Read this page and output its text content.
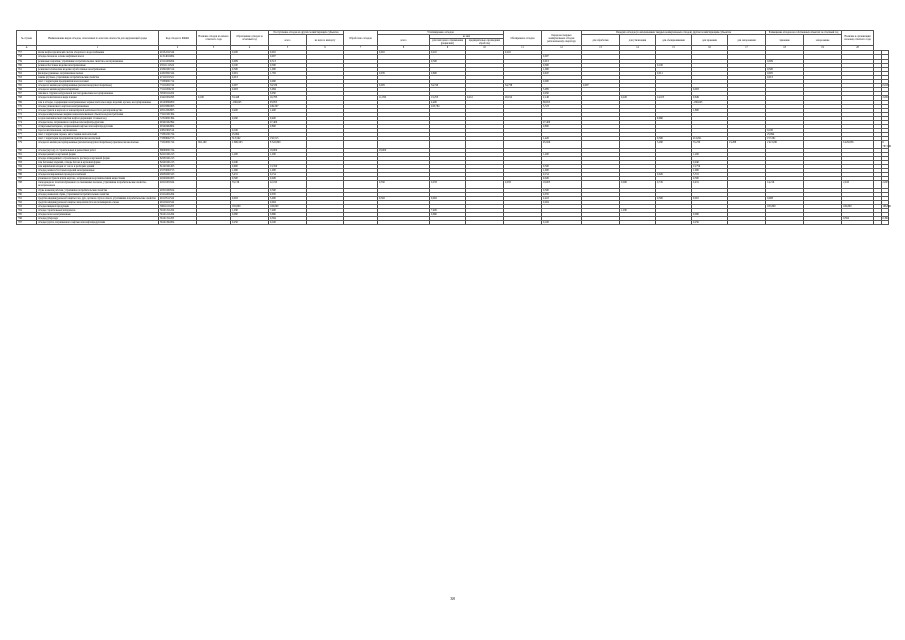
№ строки	Наименование видов отходов, отнесенных по классам опасности для окружающей среды	Код отхода по ФККО	Наличие отходов на начало отчетного года	Образование отходов за отчетный год	Поступление отходов из других хозяйствующих субъектов		Обработано отходов	Утилизировано отходов			Обезврежено отходов	Передача твердых коммунальных отходов региональному оператору	Передача отходов (за исключением твердых коммунальных отходов) другим хозяйствующим субъектам					Размещение отходов на собственных объектах за отчетный год		Наличие в организации на конец отчетного года		
					всего	из них по импорту		всего	из них				для обработки	для утилизации	для обезвреживания	для хранения	для захоронения	хранение	захоронение			
									для повторного применения (рециклинг)	предварительно прошедших обработку												
А	1	2	3	4	5	6	7	8	9	10	11	12	13	14	15	16	17	18	19	20		
757	шлам нефтеотделителей систем оборотного водоснабжения	40152211524		0,200	0,010			0,010	0,210		0,210											
758	отходы смазок на основе нефтяных масел	41314010204			0,007							0,007										
759	резиновые перчатки, утратившие потребительские свойства, незагрязненные	43114100204		0,009	0,513				0,500			0,013						0,009				
760	резиноасбестовые изделия незагрязненные	45511111524		0,100	0,300							0,300			0,100							
761	резинометаллические изделия отработанные незагрязненные	43320101514		0,500	1,000							1,000						0,500				
762	фильтры рукавные, загрязненные пылью	44318321524		0,001	1,782			0,035	0,800			0,947			0,011			0,005				
763	лампы ртутные, утратившие потребительские свойства	47111101521		0,013														0,013				
764	смет с территории предприятия малоопасный	73339001714			0,000							0,000										
765	отходы из жилищ несортированные (исключая крупногабаритные)	73111001724		0,007	34,530			0,005	34,740		34,738		0,007									0,018
766	отходы из жилищ крупногабаритные	73111002215		0,003	5,084							5,085				0,003						
767	опилки и стружка натуральной чистой древесины несортированные	30529111204			0,050							0,050										
768	отходы полиэтилена в виде пленки	43411002295	0,100	33,448	16,783			11,050	13,253	0,212	29,012	2,148		0,226	14,105	0,649						2,600
769	лом и отходы, содержащие незагрязненные черные металлы в виде изделий, кусков, несортированные	46120099200		-186,645	93,853				4,400			89,655				-186,645						
770	отходы упаковочного картона незагрязненные	40518301605			249,307				243,784			5,723										
771	отходы бумаги и картона от канцелярской деятельности и делопроизводства	40512202605		0,400	1,400											1,800						
772	отходы коммунальные жидкие неканализованных объектов водопотребления	73210101304																				
773	осадок механической очистки нефтесодержащих сточных вод	72310001394		0,260	9,400										9,660							
774	отходы песка, загрязненного нефтью или нефтепродуктами	91920102394			27,400							27,400										
775	обтирочный материал, загрязненный нефтью или нефтепродуктами	91920402604			0,800							0,800										
776	тара полиэтиленовая, загрязненная	43811902514		0,100														0,100				
777	смет с территории гаража, автостоянки малоопасный	73331001724		25,994														25,994				
778	смет с территории предприятия практически неопасный	73339002715		313,592	150,515							1,426			0,300	212,821		157,561				
779	отходы из жилищ несортированные (исключая крупногабаритные) практически неопасные	73310001724	362,160	2 699,563	8 522,860							95,829			5,280	55,230	13,288	2 415,801		6 429,836		6 787,136
780	отходы (мусор) от строительных и ремонтных работ	89000001724			18,000			18,000														
781	отходы цемента в кусковой форме	82210101215		1,200	1,200							1,200				1,200						
782	отходы затвердевшего строительного раствора в кусковой форме	82230101215																				
783	лом бетонных изделий, отходы бетона в кусковой форме	82220101215		0,040												0,040						
784	лом кирпичной кладки от сноса и разборки зданий	81220101205		0,900	13,350							0,500				13,750						
785	отходы резиноасбестовых изделий незагрязненные	45570000715		1,000	1,000							1,000				1,000						
786	отходы изолированных проводов и кабелей	48230201525		5,431	0,154							0,154			0,020	5,331						
787	упаковка из бумаги и/или картона, загрязненная неорганическими веществами	40229201605		0,300	0,026							0,026				0,300						
788	спецодежда из хлопчатобумажного и смешанных волокон, утратившая потребительские свойства, незагрязненная	40211001624		33,136	22,193			0,350	0,033		0,033	18,003		0,006	0,745	0,431		14,216		2,043		2,093
789	обувь кожаная рабочая, утратившая потребительские свойства	40310100524			0,500							0,500										
790	отходы резиновой обуви, утратившей потребительские свойства	43114101204			0,035							0,035										
791	средства индивидуальной защиты глаз, рук, органов слуха в смеси, утратившие потребительские свойства	49110511524		0,018	5,000			0,302	0,002			2,418			0,300	0,010		0,008				
792	средства индивидуальной защиты лица и/или глаз на полимерной основе	49110411524			0,004							0,004										
793	отходы пищевой продукции	30611101205		165,800	106,800													165,800		106,800		106,800
794	отходы строительных материалов	36121311204		1,030	7,400				7,400					1,030								
795	отходы песка незагрязненные	36121211204		0,090	0,660				0,660							0,090						
796	отходы рубероида	36121311205			0,394															0,394		0,394
797	отходы грунта, загрязненного нефтью или нефтепродуктами	36121302204		0,250	0,100							0,100				0,250						
38
